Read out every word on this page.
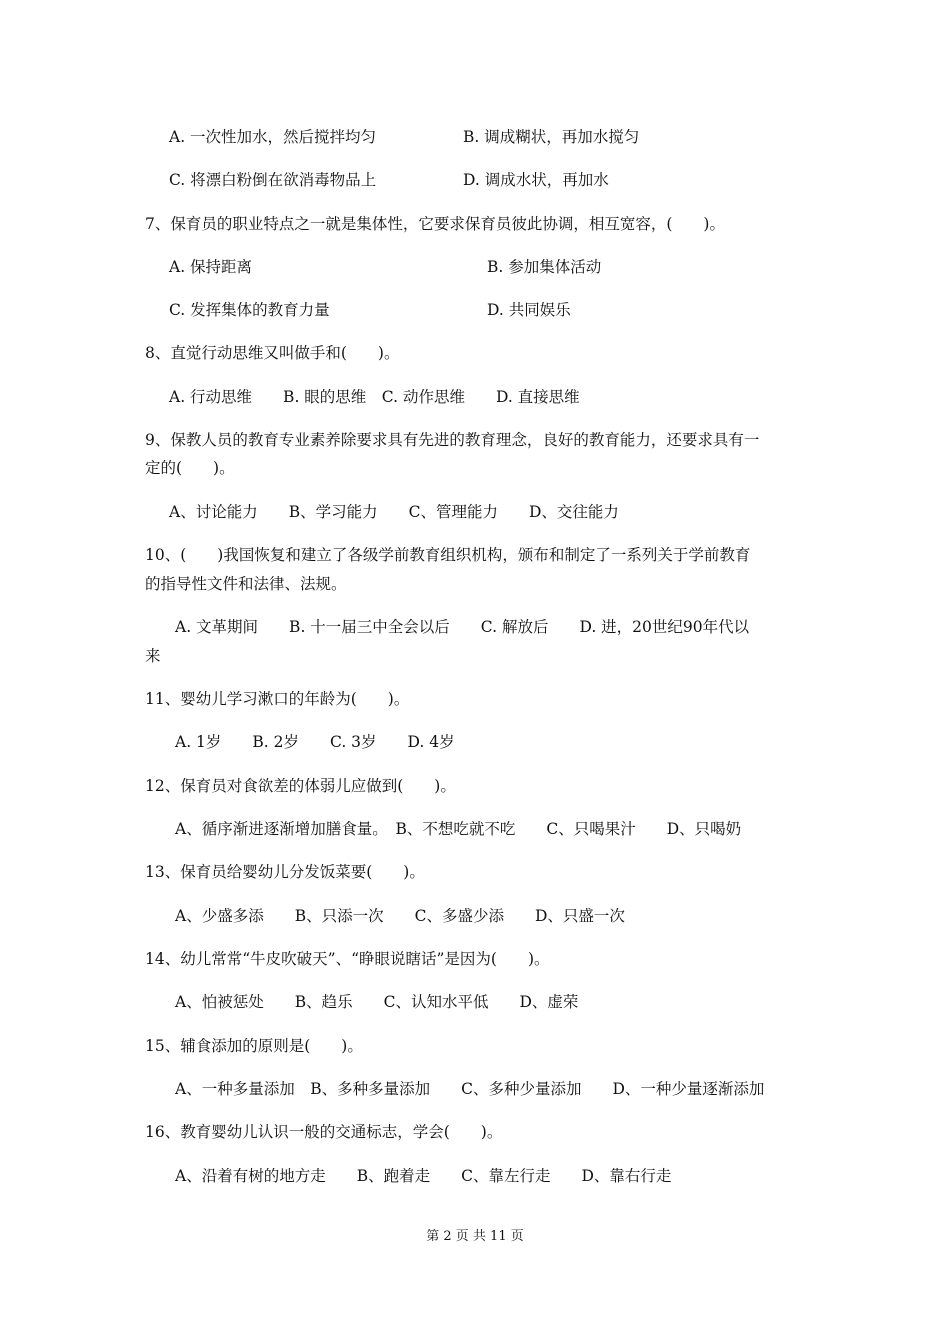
A. 一次性加水，然后搅拌均匀	B. 调成糊状，再加水搅匀
C. 将漂白粉倒在欲消毒物品上	D. 调成水状，再加水
7、保育员的职业特点之一就是集体性，它要求保育员彼此协调，相互宽容，(　　)。
A. 保持距离	B. 参加集体活动
C. 发挥集体的教育力量	D. 共同娱乐
8、直觉行动思维又叫做手和(　　)。
A. 行动思维　　B. 眼的思维　C. 动作思维　　D. 直接思维
9、保教人员的教育专业素养除要求具有先进的教育理念，良好的教育能力，还要求具有一
定的(　　)。
A、讨论能力　　B、学习能力　　C、管理能力　　D、交往能力
10、(　　)我国恢复和建立了各级学前教育组织机构，颁布和制定了一系列关于学前教育
的指导性文件和法律、法规。
A. 文革期间　　B. 十一届三中全会以后　　C. 解放后　　D. 进，20世纪90年代以
来
11、婴幼儿学习漱口的年龄为(　　)。
A. 1岁　　B. 2岁　　C. 3岁　　D. 4岁
12、保育员对食欲差的体弱儿应做到(　　)。
A、循序渐进逐渐增加膳食量。　B、不想吃就不吃　　C、只喝果汁　　D、只喝奶
13、保育员给婴幼儿分发饭菜要(　　)。
A、少盛多添　　B、只添一次　　C、多盛少添　　D、只盛一次
14、幼儿常常“牛皮吹破天”、“睁眼说瞎话”是因为(　　)。
A、怕被惩处　　B、趋乐　　C、认知水平低　　D、虚荣
15、辅食添加的原则是(　　)。
A、一种多量添加　B、多种多量添加　　C、多种少量添加　　D、一种少量逐渐添加
16、教育婴幼儿认识一般的交通标志，学会(　　)。
A、沿着有树的地方走　　B、跑着走　　C、靠左行走　　D、靠右行走
第 2 页 共 11 页
